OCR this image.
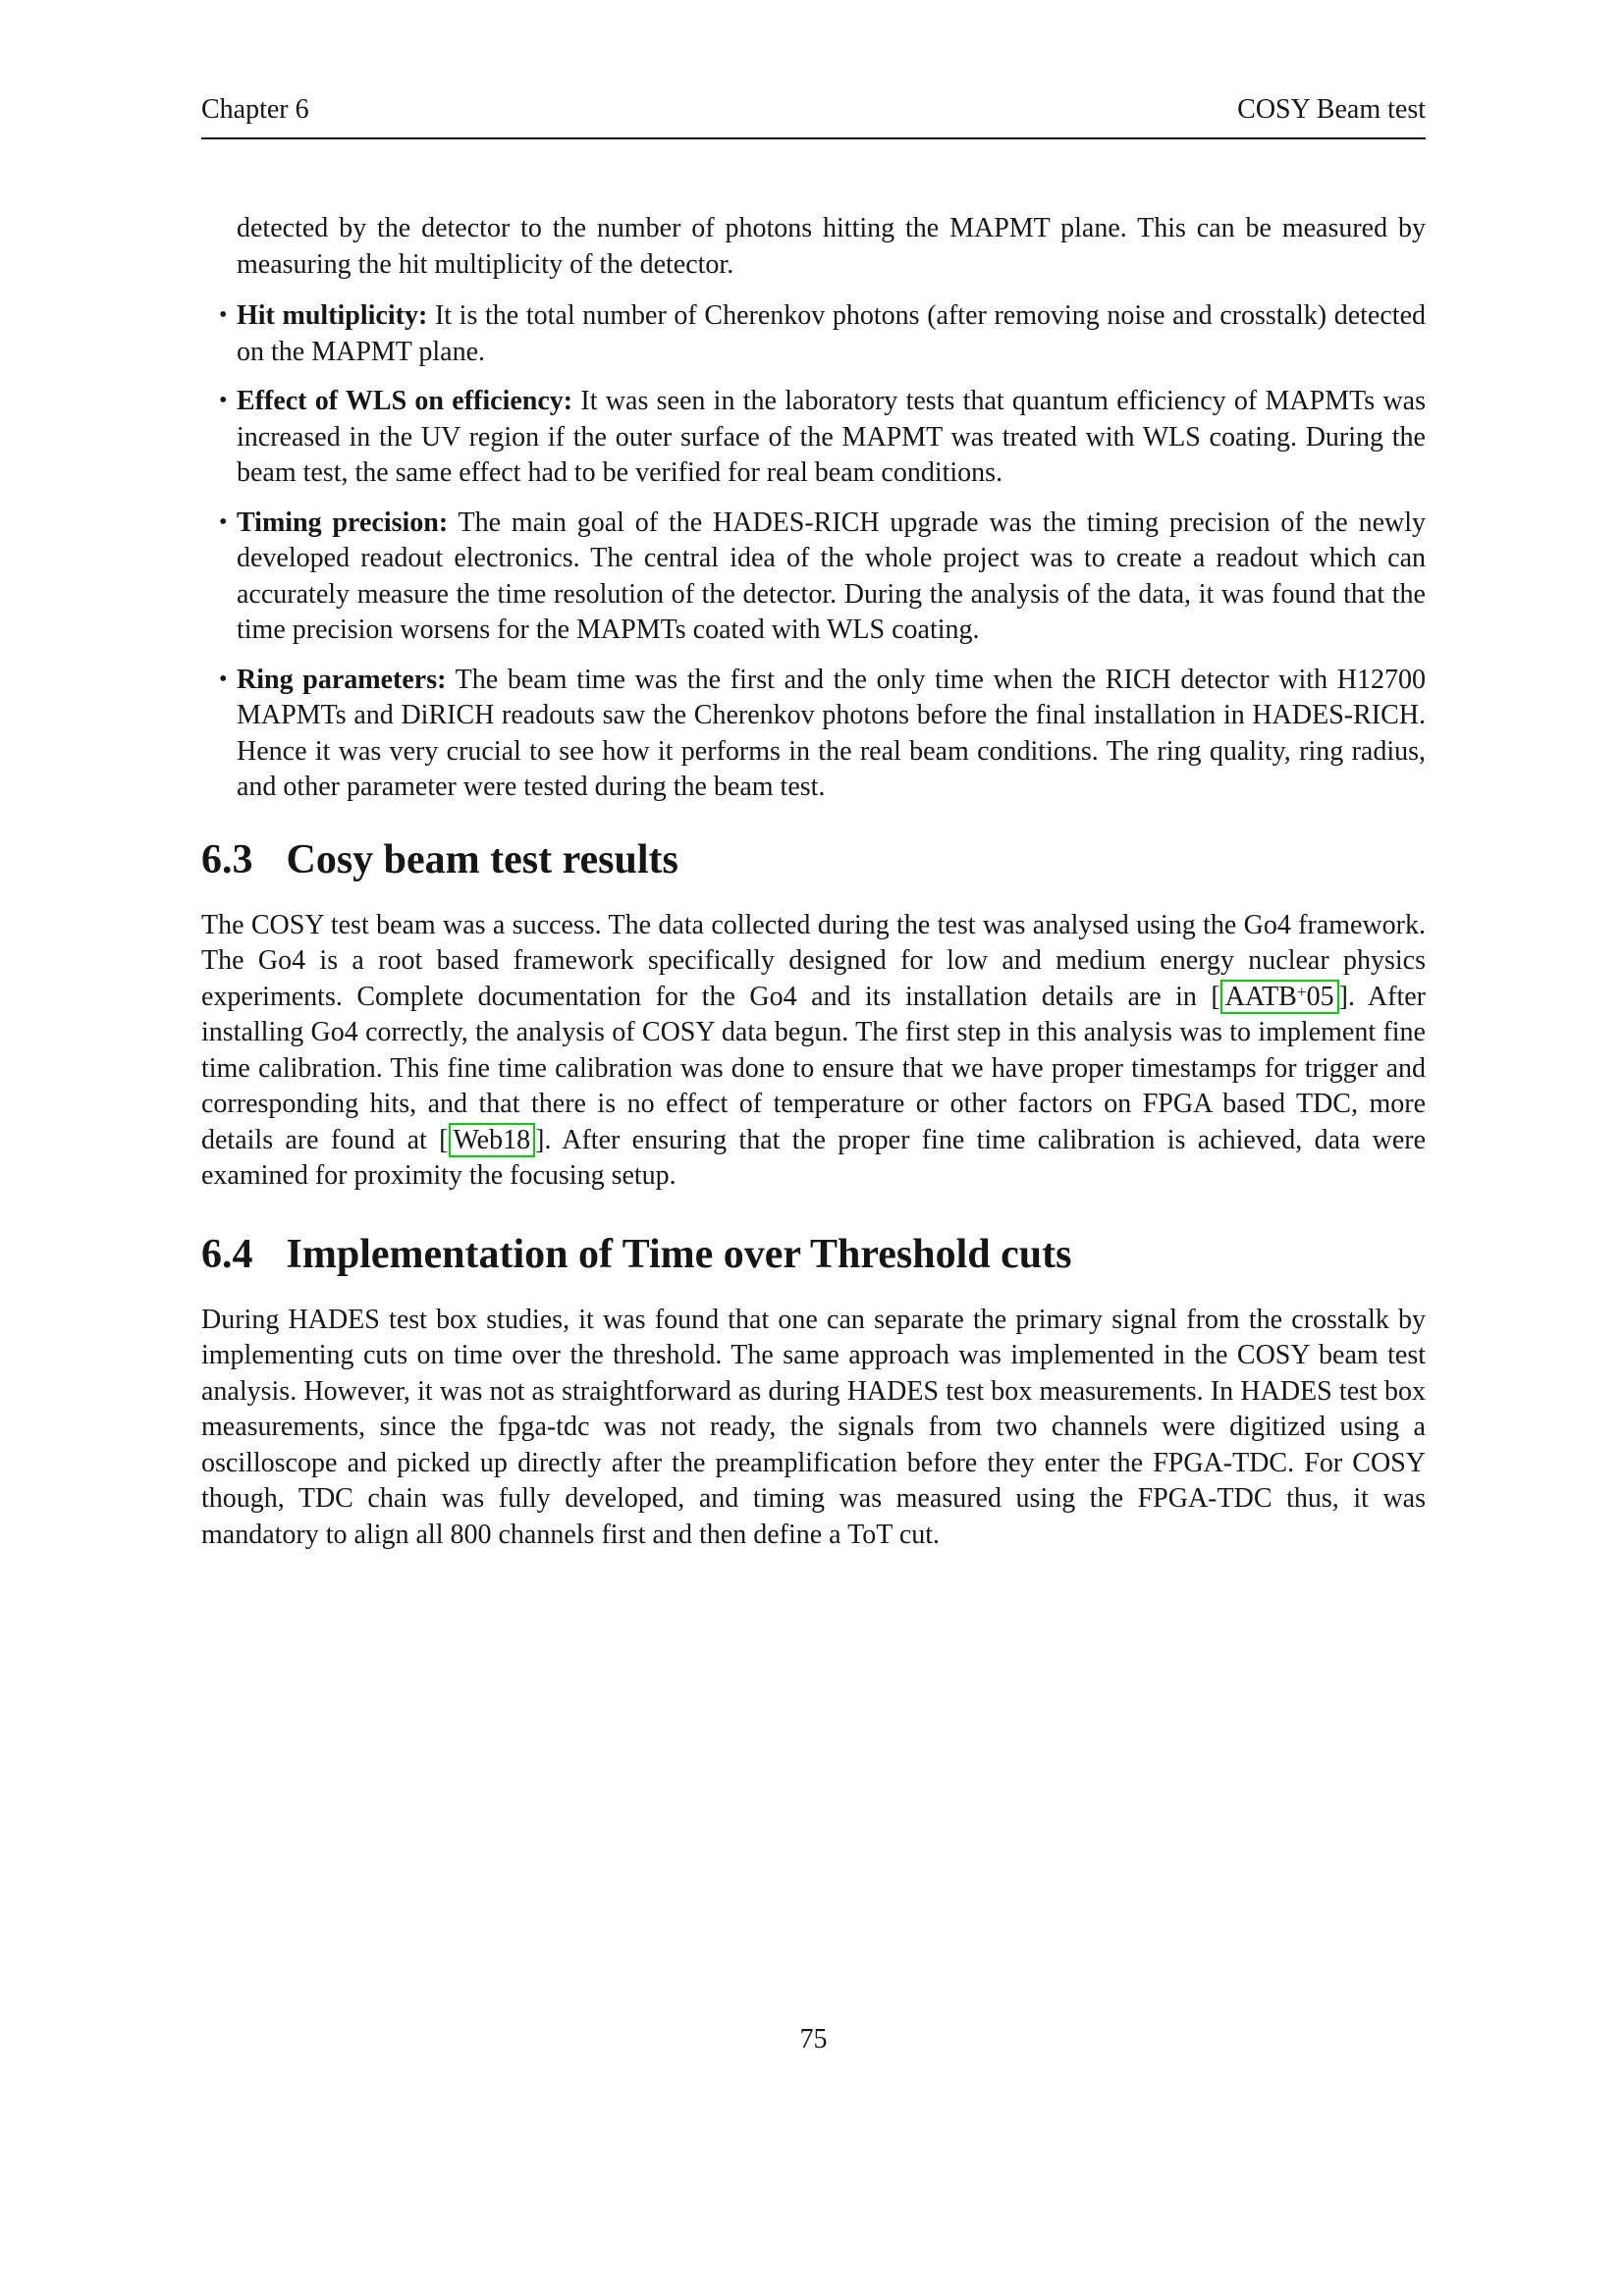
Chapter 6	COSY Beam test

detected by the detector to the number of photons hitting the MAPMT plane. This can be measured by measuring the hit multiplicity of the detector.

• Hit multiplicity: It is the total number of Cherenkov photons (after removing noise and crosstalk) detected on the MAPMT plane.
• Effect of WLS on efficiency: It was seen in the laboratory tests that quantum efficiency of MAPMTs was increased in the UV region if the outer surface of the MAPMT was treated with WLS coating. During the beam test, the same effect had to be verified for real beam conditions.
• Timing precision: The main goal of the HADES-RICH upgrade was the timing precision of the newly developed readout electronics. The central idea of the whole project was to create a readout which can accurately measure the time resolution of the detector. During the analysis of the data, it was found that the time precision worsens for the MAPMTs coated with WLS coating.
• Ring parameters: The beam time was the first and the only time when the RICH detector with H12700 MAPMTs and DiRICH readouts saw the Cherenkov photons before the final installation in HADES-RICH. Hence it was very crucial to see how it performs in the real beam conditions. The ring quality, ring radius, and other parameter were tested during the beam test.
6.3 Cosy beam test results

The COSY test beam was a success. The data collected during the test was analysed using the Go4 framework. The Go4 is a root based framework specifically designed for low and medium energy nuclear physics experiments. Complete documentation for the Go4 and its installation details are in [ AATB+05 ]. After installing Go4 correctly, the analysis of COSY data begun. The first step in this analysis was to implement fine time calibration. This fine time calibration was done to ensure that we have proper timestamps for trigger and corresponding hits, and that there is no effect of temperature or other factors on FPGA based TDC, more details are found at [ Web18 ]. After ensuring that the proper fine time calibration is achieved, data were examined for proximity the focusing setup.

6.4 Implementation of Time over Threshold cuts

During HADES test box studies, it was found that one can separate the primary signal from the crosstalk by implementing cuts on time over the threshold. The same approach was implemented in the COSY beam test analysis. However, it was not as straightforward as during HADES test box measurements. In HADES test box measurements, since the fpga-tdc was not ready, the signals from two channels were digitized using a oscilloscope and picked up directly after the preamplification before they enter the FPGA-TDC. For COSY though, TDC chain was fully developed, and timing was measured using the FPGA-TDC thus, it was mandatory to align all 800 channels first and then define a ToT cut.

75
